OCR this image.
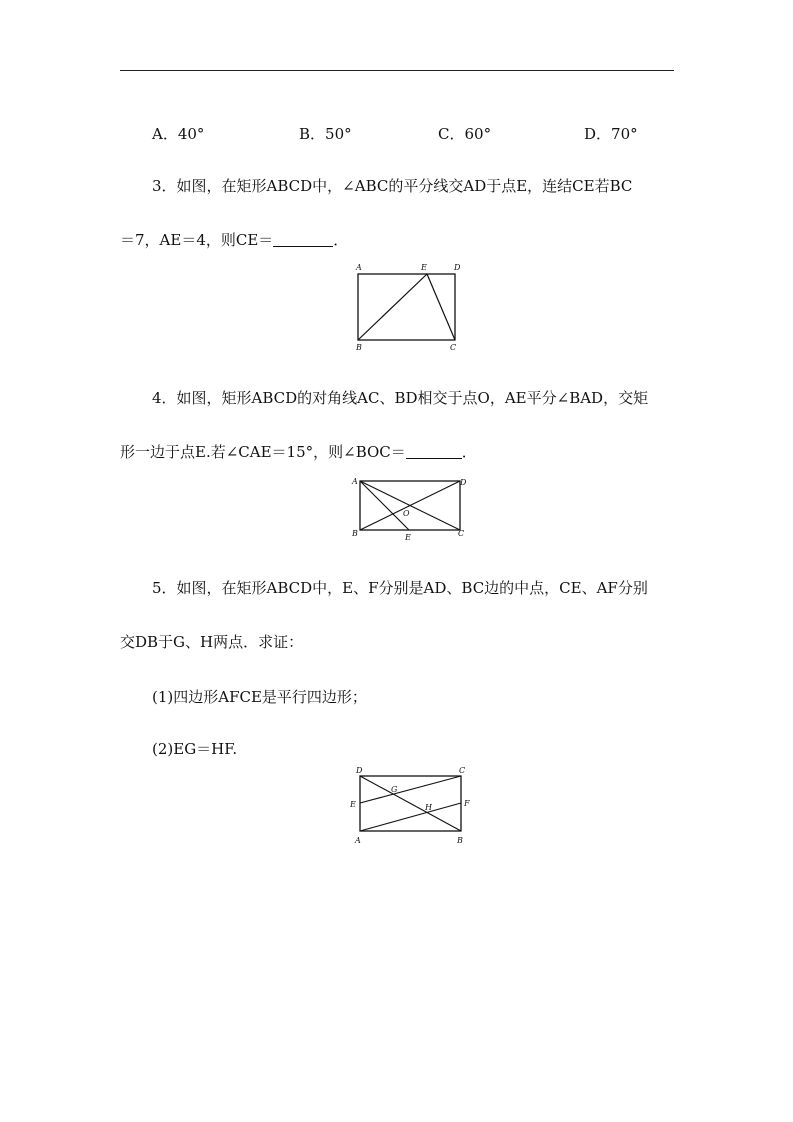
A．40°	B．50°	C．60°	D．70°
3．如图，在矩形ABCD中，∠ABC的平分线交AD于点E，连结CE若BC
＝7，AE＝4，则CE＝	．
A	E	D
B	C
4．如图，矩形ABCD的对角线AC、BD相交于点O，AE平分∠BAD，交矩
形一边于点E.若∠CAE＝15°，则∠BOC＝	．
A	D
O
B	E	C
5．如图，在矩形ABCD中，E、F分别是AD、BC边的中点，CE、AF分别
交DB于G、H两点．求证：
(1)四边形AFCE是平行四边形；
(2)EG＝HF.
D	C
G
E	H	F
A	B
